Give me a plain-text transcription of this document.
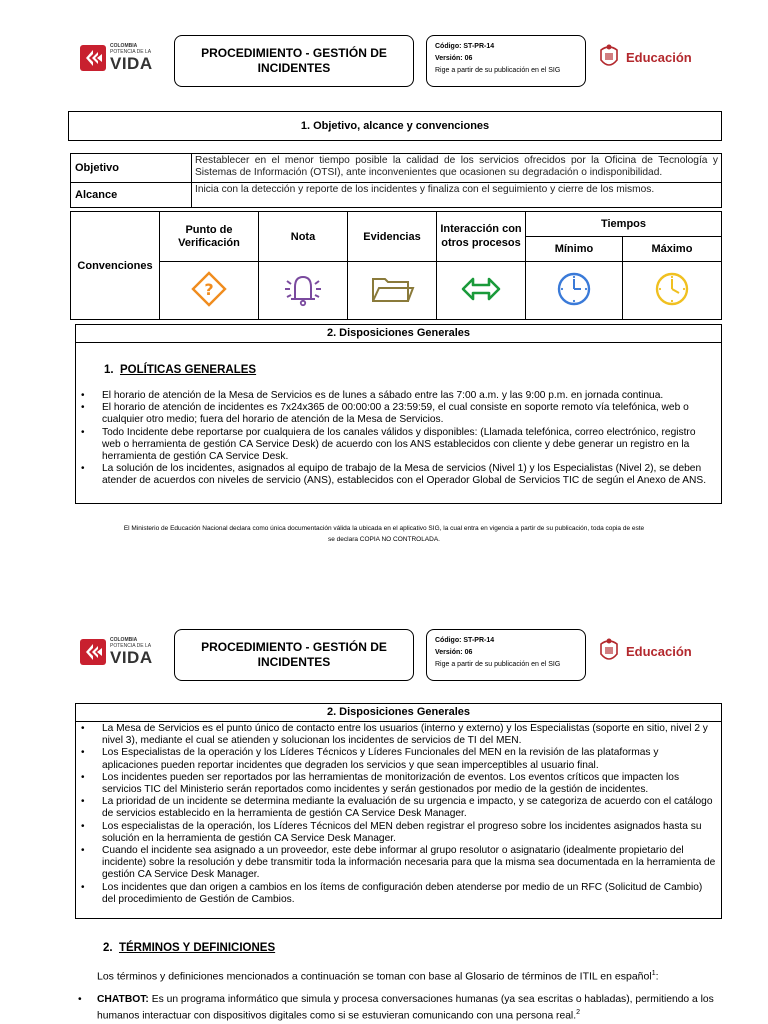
COLOMBIA
POTENCIA DE LA
VIDA
PROCEDIMIENTO - GESTIÓN DE
INCIDENTES
Código: ST-PR-14
Versión: 06
Rige a partir de su publicación en el SIG
Educación
1. Objetivo, alcance y convenciones
Objetivo	Restablecer en el menor tiempo posible la calidad de los servicios ofrecidos por la Oficina de Tecnología y Sistemas de Información (OTSI), ante inconvenientes que ocasionen su degradación o indisponibilidad.
Alcance	Inicia con la detección y reporte de los incidentes y finaliza con el seguimiento y cierre de los mismos.
Convenciones	Punto de Verificación	Nota	Evidencias	Interacción con otros procesos	Tiempos	
					Mínimo	Máximo

?

2. Disposiciones Generales
1. POLÍTICAS GENERALES
• El horario de atención de la Mesa de Servicios es de lunes a sábado entre las 7:00 a.m. y las 9:00 p.m. en jornada continua.
• El horario de atención de incidentes es 7x24x365 de 00:00:00 a 23:59:59, el cual consiste en soporte remoto vía telefónica, web o cualquier otro medio; fuera del horario de atención de la Mesa de Servicios.
• Todo Incidente debe reportarse por cualquiera de los canales válidos y disponibles: (Llamada telefónica, correo electrónico, registro web o herramienta de gestión CA Service Desk) de acuerdo con los ANS establecidos con cliente y debe generar un registro en la herramienta de gestión CA Service Desk.
• La solución de los incidentes, asignados al equipo de trabajo de la Mesa de servicios (Nivel 1) y los Especialistas (Nivel 2), se deben atender de acuerdos con niveles de servicio (ANS), establecidos con el Operador Global de Servicios TIC de según el Anexo de ANS.
El Ministerio de Educación Nacional declara como única documentación válida la ubicada en el aplicativo SIG, la cual entra en vigencia a partir de su publicación, toda copia de este
se declara COPIA NO CONTROLADA.
COLOMBIA
POTENCIA DE LA
VIDA
PROCEDIMIENTO - GESTIÓN DE
INCIDENTES
Código: ST-PR-14
Versión: 06
Rige a partir de su publicación en el SIG
Educación
2. Disposiciones Generales
• La Mesa de Servicios es el punto único de contacto entre los usuarios (interno y externo) y los Especialistas (soporte en sitio, nivel 2 y nivel 3), mediante el cual se atienden y solucionan los incidentes de servicios de TI del MEN.
• Los Especialistas de la operación y los Líderes Técnicos y Líderes Funcionales del MEN en la revisión de las plataformas y aplicaciones pueden reportar incidentes que degraden los servicios y que sean imperceptibles al usuario final.
• Los incidentes pueden ser reportados por las herramientas de monitorización de eventos. Los eventos críticos que impacten los servicios TIC del Ministerio serán reportados como incidentes y serán gestionados por medio de la gestión de incidentes.
• La prioridad de un incidente se determina mediante la evaluación de su urgencia e impacto, y se categoriza de acuerdo con el catálogo de servicios establecido en la herramienta de gestión CA Service Desk Manager.
• Los especialistas de la operación, los Líderes Técnicos del MEN deben registrar el progreso sobre los incidentes asignados hasta su solución en la herramienta de gestión CA Service Desk Manager.
• Cuando el incidente sea asignado a un proveedor, este debe informar al grupo resolutor o asignatario (idealmente propietario del incidente) sobre la resolución y debe transmitir toda la información necesaria para que la misma sea documentada en la herramienta de gestión CA Service Desk Manager.
• Los incidentes que dan origen a cambios en los ítems de configuración deben atenderse por medio de un RFC (Solicitud de Cambio) del procedimiento de Gestión de Cambios.
2. TÉRMINOS Y DEFINICIONES
Los términos y definiciones mencionados a continuación se toman con base al Glosario de términos de ITIL en español$^1$:
•	CHATBOT: Es un programa informático que simula y procesa conversaciones humanas (ya sea escritas o habladas), permitiendo a los humanos interactuar con dispositivos digitales como si se estuvieran comunicando con una persona real.$^2$
